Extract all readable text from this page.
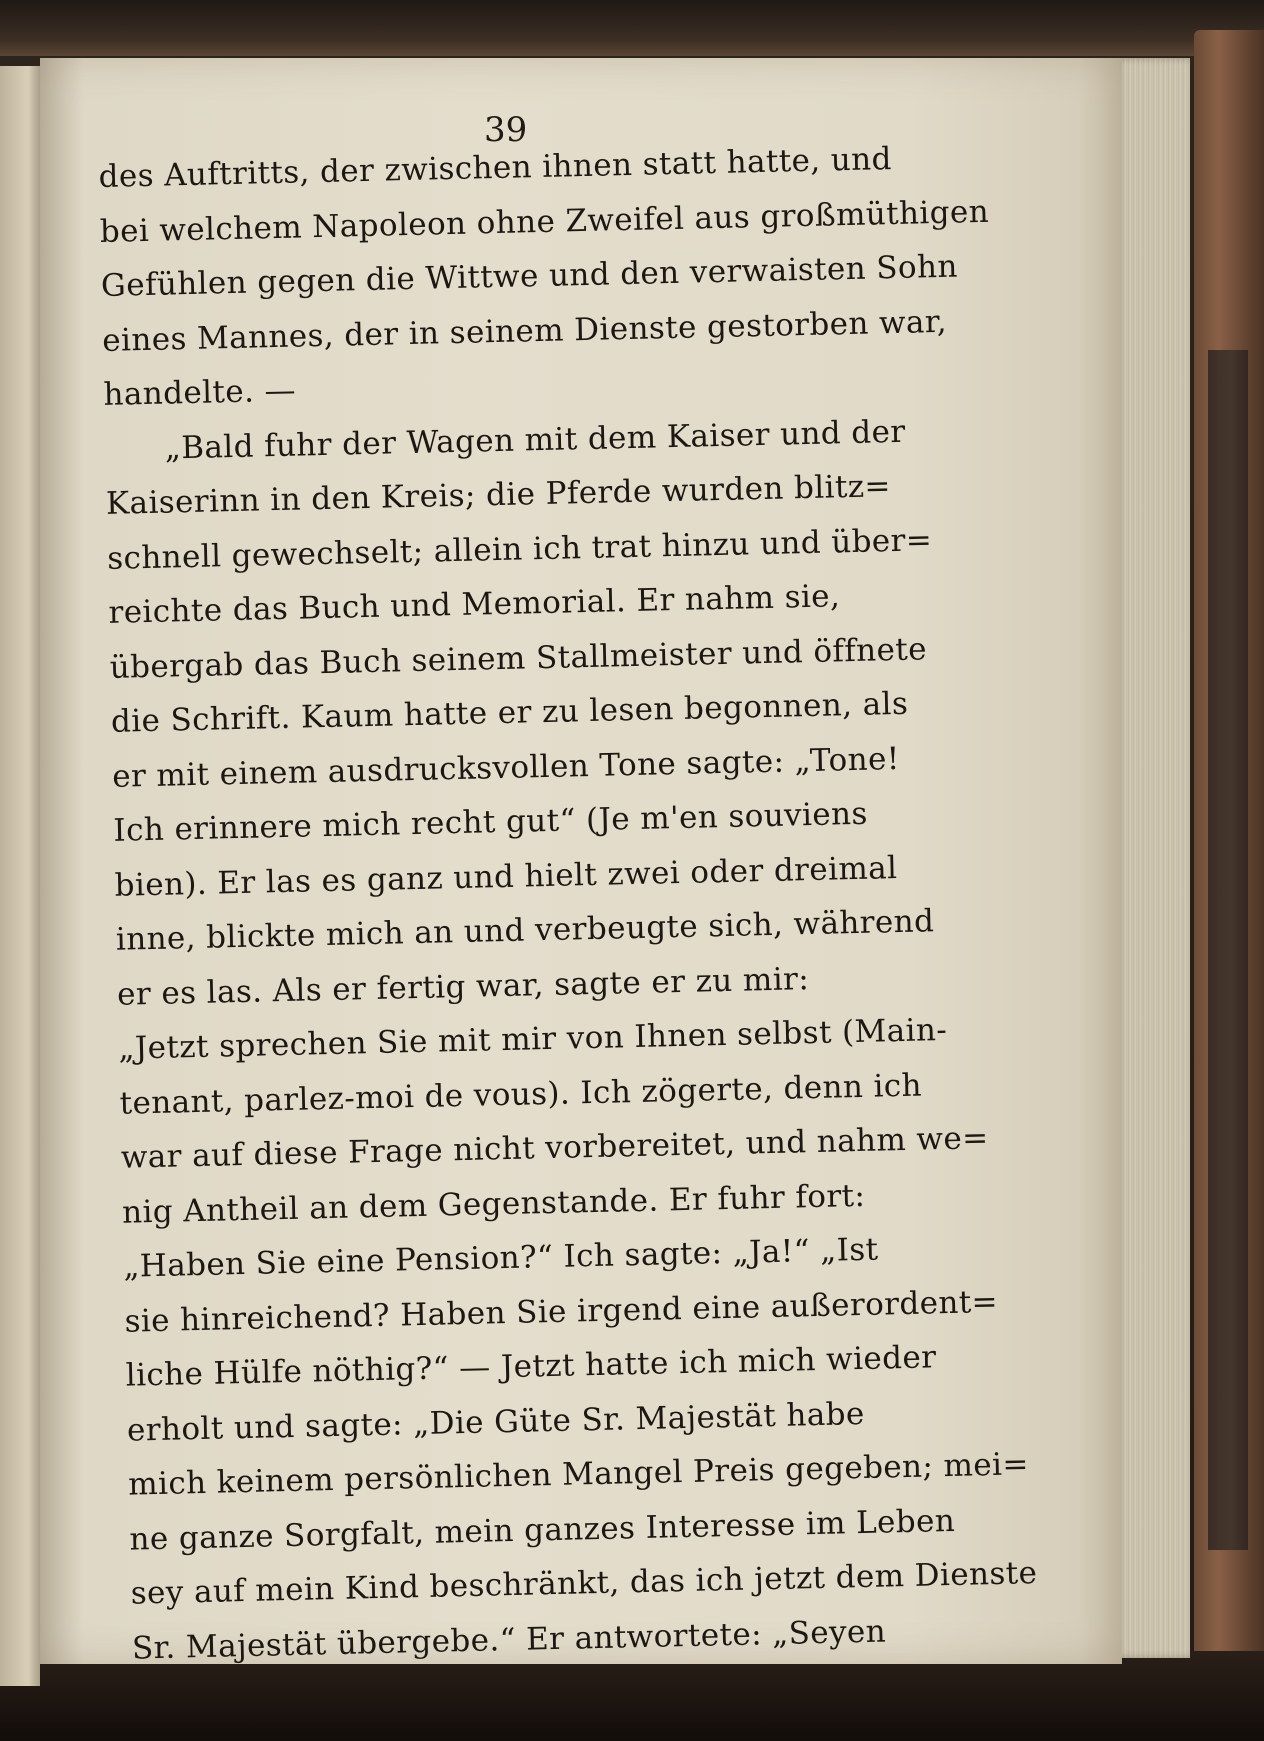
39
des Auftritts, der zwischen ihnen statt hatte, und
bei welchem Napoleon ohne Zweifel aus großmüthigen
Gefühlen gegen die Wittwe und den verwaisten Sohn
eines Mannes, der in seinem Dienste gestorben war,
handelte. —
„Bald fuhr der Wagen mit dem Kaiser und der
Kaiserinn in den Kreis; die Pferde wurden blitz=
schnell gewechselt; allein ich trat hinzu und über=
reichte das Buch und Memorial. Er nahm sie,
übergab das Buch seinem Stallmeister und öffnete
die Schrift. Kaum hatte er zu lesen begonnen, als
er mit einem ausdrucksvollen Tone sagte: „Tone!
Ich erinnere mich recht gut“ (Je m'en souviens
bien). Er las es ganz und hielt zwei oder dreimal
inne, blickte mich an und verbeugte sich, während
er es las. Als er fertig war, sagte er zu mir:
„Jetzt sprechen Sie mit mir von Ihnen selbst (Main-
tenant, parlez-moi de vous). Ich zögerte, denn ich
war auf diese Frage nicht vorbereitet, und nahm we=
nig Antheil an dem Gegenstande. Er fuhr fort:
„Haben Sie eine Pension?“ Ich sagte: „Ja!“ „Ist
sie hinreichend? Haben Sie irgend eine außerordent=
liche Hülfe nöthig?“ — Jetzt hatte ich mich wieder
erholt und sagte: „Die Güte Sr. Majestät habe
mich keinem persönlichen Mangel Preis gegeben; mei=
ne ganze Sorgfalt, mein ganzes Interesse im Leben
sey auf mein Kind beschränkt, das ich jetzt dem Dienste
Sr. Majestät übergebe.“ Er antwortete: „Seyen
